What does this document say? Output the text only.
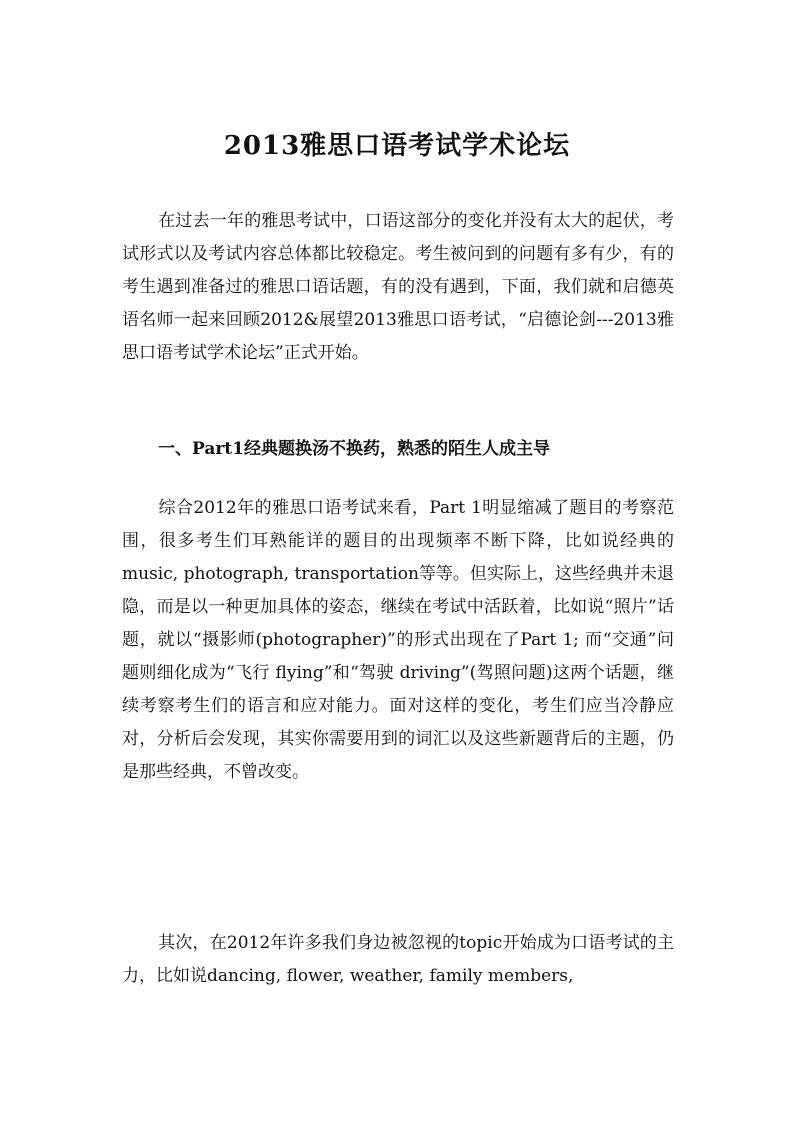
2013雅思口语考试学术论坛

在过去一年的雅思考试中，口语这部分的变化并没有太大的起伏，考试形式以及考试内容总体都比较稳定。考生被问到的问题有多有少，有的考生遇到准备过的雅思口语话题，有的没有遇到，下面，我们就和启德英语名师一起来回顾2012&展望2013雅思口语考试，“启德论剑---2013雅思口语考试学术论坛”正式开始。

一、Part1经典题换汤不换药，熟悉的陌生人成主导

综合2012年的雅思口语考试来看，Part 1明显缩减了题目的考察范围，很多考生们耳熟能详的题目的出现频率不断下降，比如说经典的music, photograph, transportation等等。但实际上，这些经典并未退隐，而是以一种更加具体的姿态，继续在考试中活跃着，比如说“照片”话题，就以“摄影师(photographer)”的形式出现在了Part 1; 而“交通”问题则细化成为“飞行 flying”和“驾驶 driving”(驾照问题)这两个话题，继续考察考生们的语言和应对能力。面对这样的变化，考生们应当冷静应对，分析后会发现，其实你需要用到的词汇以及这些新题背后的主题，仍是那些经典，不曾改变。

其次，在2012年许多我们身边被忽视的topic开始成为口语考试的主力，比如说dancing, flower, weather, family members,
